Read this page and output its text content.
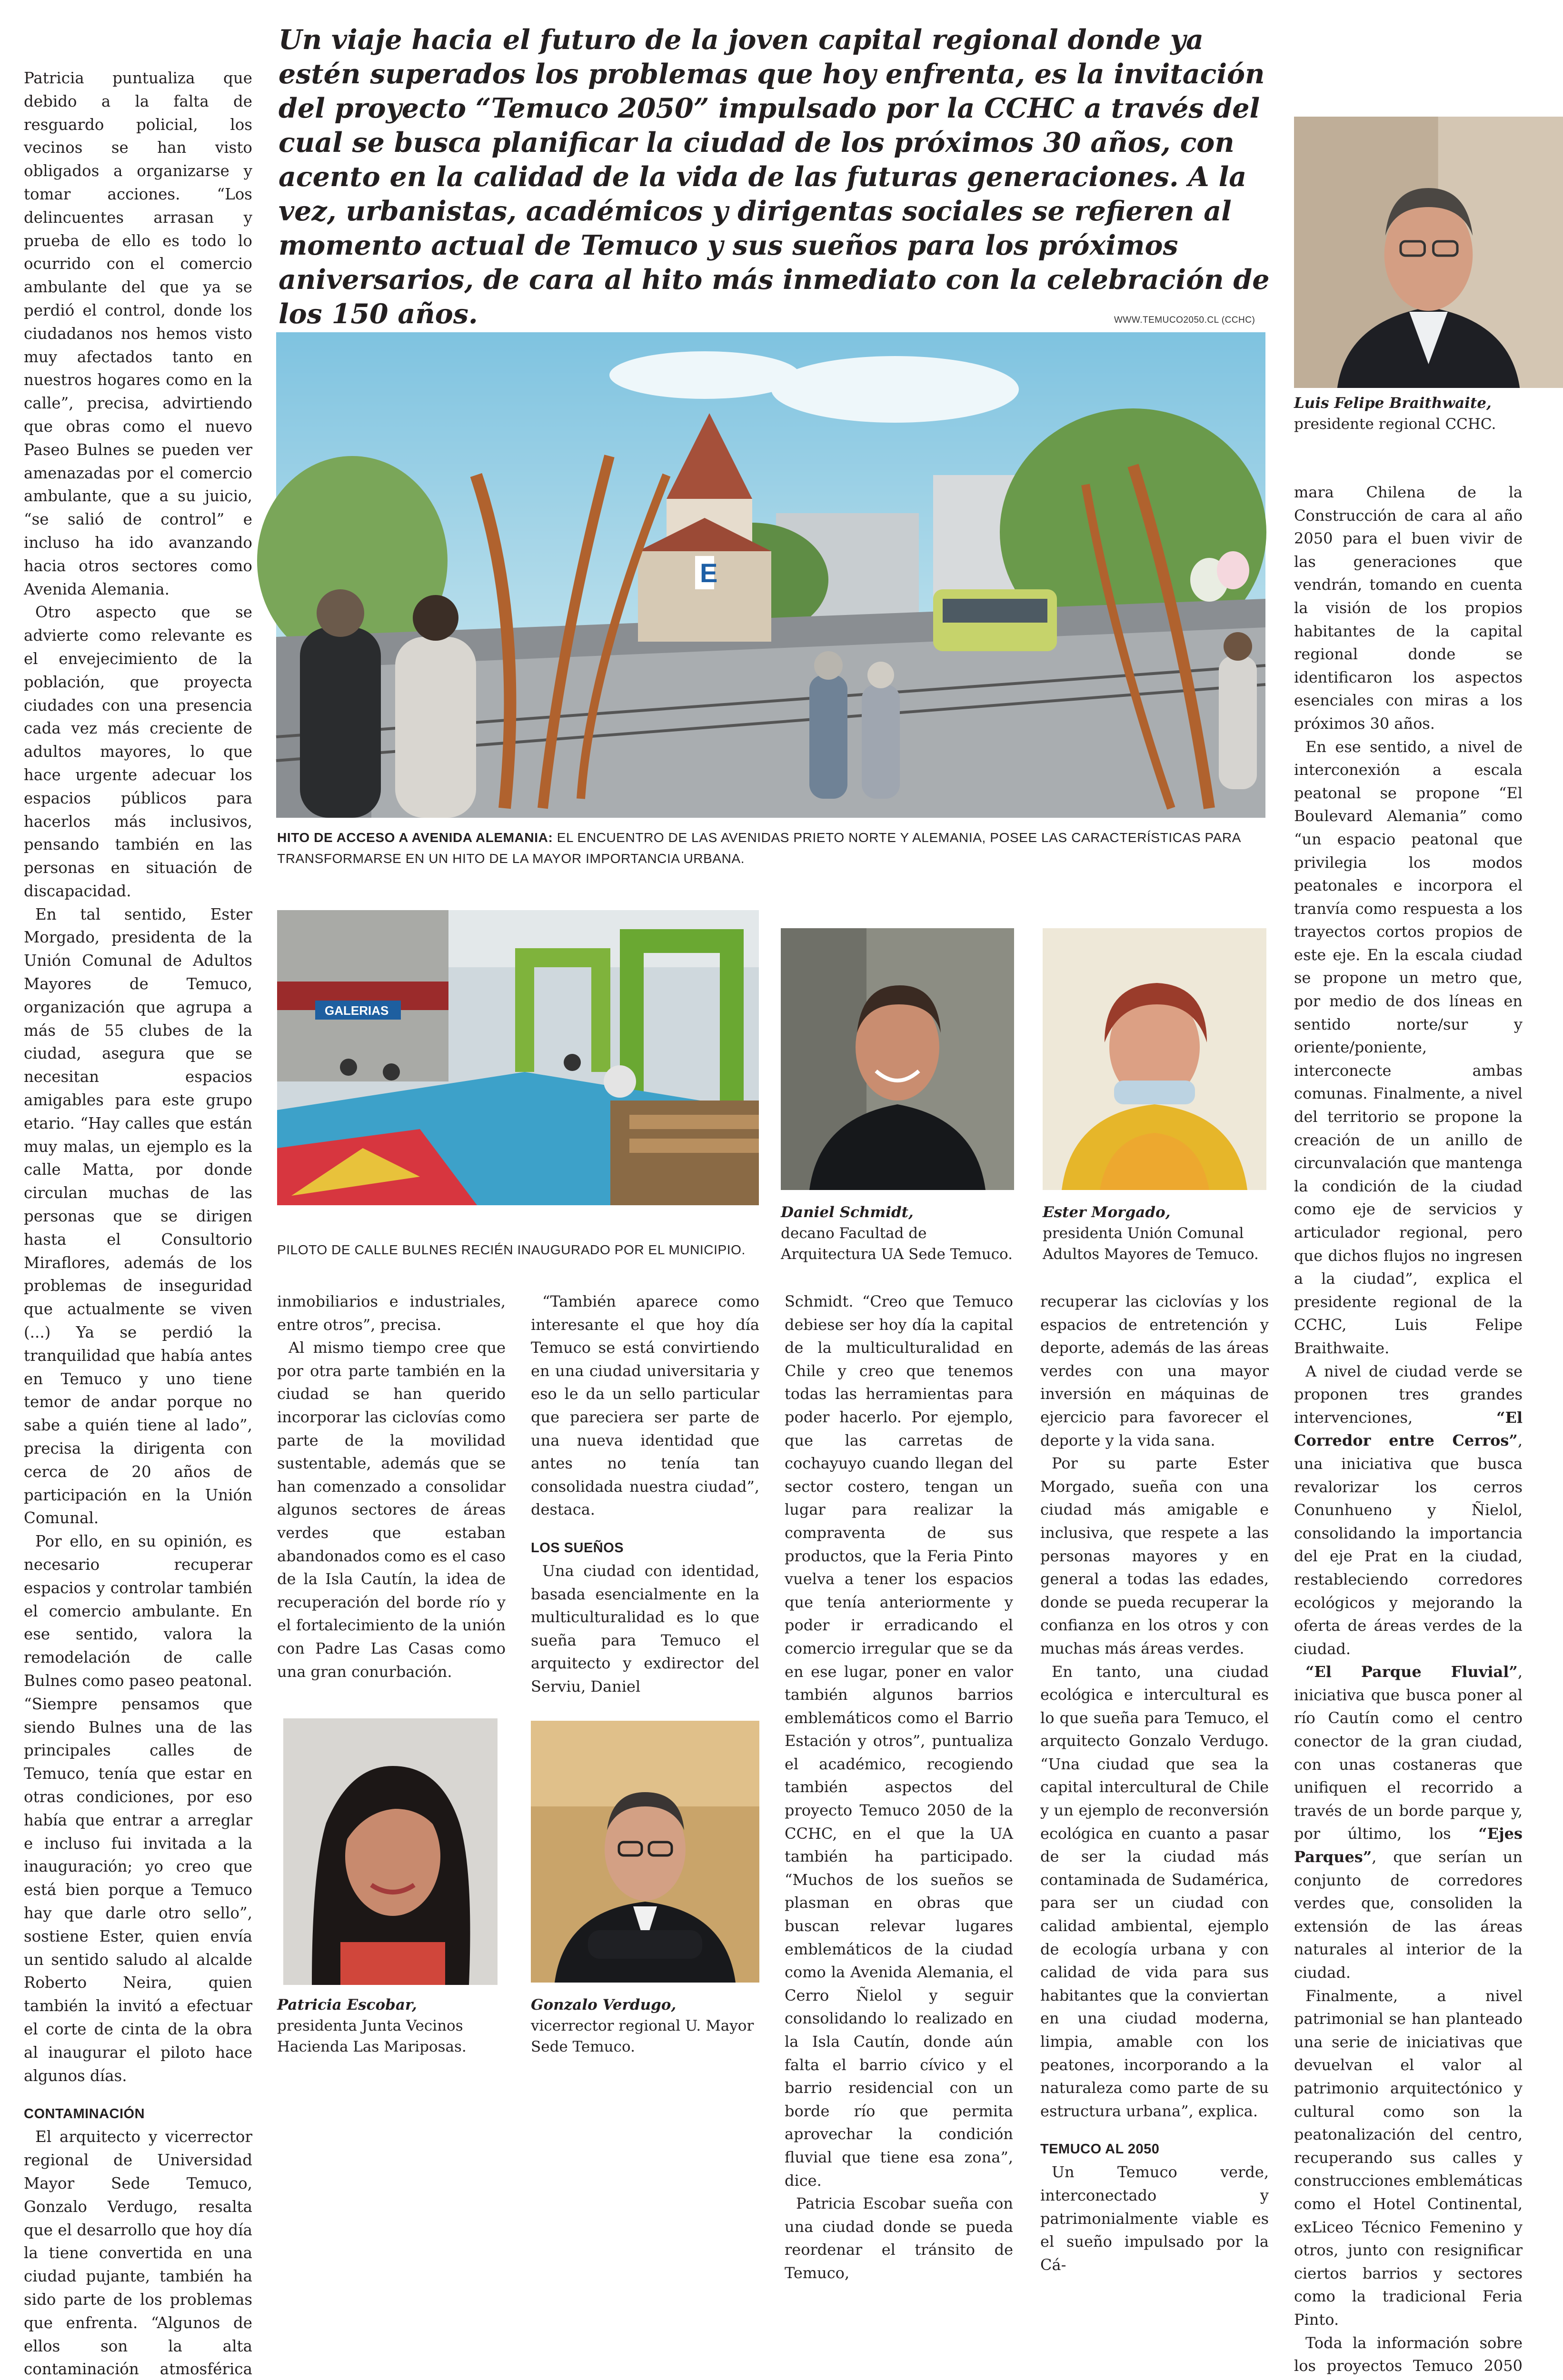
Un viaje hacia el futuro de la joven capital regional donde ya estén superados los problemas que hoy enfrenta, es la invitación del proyecto “Temuco 2050” impulsado por la CCHC a través del cual se busca planificar la ciudad de los próximos 30 años, con acento en la calidad de la vida de las futuras generaciones. A la vez, urbanistas, académicos y dirigentas sociales se refieren al momento actual de Temuco y sus sueños para los próximos aniversarios, de cara al hito más inmediato con la celebración de los 150 años.
Luis Felipe Braithwaite,
presidente regional CCHC.
WWW.TEMUCO2050.CL (CCHC)
E
HITO DE ACCESO A AVENIDA ALEMANIA: EL ENCUENTRO DE LAS AVENIDAS PRIETO NORTE Y ALEMANIA, POSEE LAS CARACTERÍSTICAS PARA TRANSFORMARSE EN UN HITO DE LA MAYOR IMPORTANCIA URBANA.
GALERIAS
PILOTO DE CALLE BULNES RECIÉN INAUGURADO POR EL MUNICIPIO.
Daniel Schmidt,
decano Facultad de Arquitectura UA Sede Temuco.
Ester Morgado,
presidenta Unión Comunal Adultos Mayores de Temuco.
Patricia Escobar,
presidenta Junta Vecinos Hacienda Las Mariposas.
Gonzalo Verdugo,
vicerrector regional U. Mayor Sede Temuco.

Patricia puntualiza que debido a la falta de resguardo policial, los vecinos se han visto obligados a organizarse y tomar acciones. “Los delincuentes arrasan y prueba de ello es todo lo ocurrido con el comercio ambulante del que ya se perdió el control, donde los ciudadanos nos hemos visto muy afectados tanto en nuestros hogares como en la calle”, precisa, advirtiendo que obras como el nuevo Paseo Bulnes se pueden ver amenazadas por el comercio ambulante, que a su juicio, “se salió de control” e incluso ha ido avanzando hacia otros sectores como Avenida Alemania.

Otro aspecto que se advierte como relevante es el envejecimiento de la población, que proyecta ciudades con una presencia cada vez más creciente de adultos mayores, lo que hace urgente adecuar los espacios públicos para hacerlos más inclusivos, pensando también en las personas en situación de discapacidad.

En tal sentido, Ester Morgado, presidenta de la Unión Comunal de Adultos Mayores de Temuco, organización que agrupa a más de 55 clubes de la ciudad, asegura que se necesitan espacios amigables para este grupo etario. “Hay calles que están muy malas, un ejemplo es la calle Matta, por donde circulan muchas de las personas que se dirigen hasta el Consultorio Miraflores, además de los problemas de inseguridad que actualmente se viven (...) Ya se perdió la tranquilidad que había antes en Temuco y uno tiene temor de andar porque no sabe a quién tiene al lado”, precisa la dirigenta con cerca de 20 años de participación en la Unión Comunal.

Por ello, en su opinión, es necesario recuperar espacios y controlar también el comercio ambulante. En ese sentido, valora la remodelación de calle Bulnes como paseo peatonal. “Siempre pensamos que siendo Bulnes una de las principales calles de Temuco, tenía que estar en otras condiciones, por eso había que entrar a arreglar e incluso fui invitada a la inauguración; yo creo que está bien porque a Temuco hay que darle otro sello”, sostiene Ester, quien envía un sentido saludo al alcalde Roberto Neira, quien también la invitó a efectuar el corte de cinta de la obra al inaugurar el piloto hace algunos días.

CONTAMINACIÓN

El arquitecto y vicerrector regional de Universidad Mayor Sede Temuco, Gonzalo Verdugo, resalta que el desarrollo que hoy día la tiene convertida en una ciudad pujante, también ha sido parte de los problemas que enfrenta. “Algunos de ellos son la alta contaminación atmosférica

inmobiliarios e industriales, entre otros”, precisa.

Al mismo tiempo cree que por otra parte también en la ciudad se han querido incorporar las ciclovías como parte de la movilidad sustentable, además que se han comenzado a consolidar algunos sectores de áreas verdes que estaban abandonados como es el caso de la Isla Cautín, la idea de recuperación del borde río y el fortalecimiento de la unión con Padre Las Casas como una gran conurbación.

“También aparece como interesante el que hoy día Temuco se está convirtiendo en una ciudad universitaria y eso le da un sello particular que pareciera ser parte de una nueva identidad que antes no tenía tan consolidada nuestra ciudad”, destaca.

LOS SUEÑOS

Una ciudad con identidad, basada esencialmente en la multiculturalidad es lo que sueña para Temuco el arquitecto y exdirector del Serviu, Daniel

Schmidt. “Creo que Temuco debiese ser hoy día la capital de la multiculturalidad en Chile y creo que tenemos todas las herramientas para poder hacerlo. Por ejemplo, que las carretas de cochayuyo cuando llegan del sector costero, tengan un lugar para realizar la compraventa de sus productos, que la Feria Pinto vuelva a tener los espacios que tenía anteriormente y poder ir erradicando el comercio irregular que se da en ese lugar, poner en valor también algunos barrios emblemáticos como el Barrio Estación y otros”, puntualiza el académico, recogiendo también aspectos del proyecto Temuco 2050 de la CCHC, en el que la UA también ha participado. “Muchos de los sueños se plasman en obras que buscan relevar lugares emblemáticos de la ciudad como la Avenida Alemania, el Cerro Ñielol y seguir consolidando lo realizado en la Isla Cautín, donde aún falta el barrio cívico y el barrio residencial con un borde río que permita aprovechar la condición fluvial que tiene esa zona”, dice.

Patricia Escobar sueña con una ciudad donde se pueda reordenar el tránsito de Temuco,

recuperar las ciclovías y los espacios de entretención y deporte, además de las áreas verdes con una mayor inversión en máquinas de ejercicio para favorecer el deporte y la vida sana.

Por su parte Ester Morgado, sueña con una ciudad más amigable e inclusiva, que respete a las personas mayores y en general a todas las edades, donde se pueda recuperar la confianza en los otros y con muchas más áreas verdes.

En tanto, una ciudad ecológica e intercultural es lo que sueña para Temuco, el arquitecto Gonzalo Verdugo. “Una ciudad que sea la capital intercultural de Chile y un ejemplo de reconversión ecológica en cuanto a pasar de ser la ciudad más contaminada de Sudamérica, para ser un ciudad con calidad ambiental, ejemplo de ecología urbana y con calidad de vida para sus habitantes que la conviertan en una ciudad moderna, limpia, amable con los peatones, incorporando a la naturaleza como parte de su estructura urbana”, explica.

TEMUCO AL 2050

Un Temuco verde, interconectado y patrimonialmente viable es el sueño impulsado por la Cá-

mara Chilena de la Construcción de cara al año 2050 para el buen vivir de las generaciones que vendrán, tomando en cuenta la visión de los propios habitantes de la capital regional donde se identificaron los aspectos esenciales con miras a los próximos 30 años.

En ese sentido, a nivel de interconexión a escala peatonal se propone “El Boulevard Alemania” como “un espacio peatonal que privilegia los modos peatonales e incorpora el tranvía como respuesta a los trayectos cortos propios de este eje. En la escala ciudad se propone un metro que, por medio de dos líneas en sentido norte/sur y oriente/poniente, interconecte ambas comunas. Finalmente, a nivel del territorio se propone la creación de un anillo de circunvalación que mantenga la condición de la ciudad como eje de servicios y articulador regional, pero que dichos flujos no ingresen a la ciudad”, explica el presidente regional de la CCHC, Luis Felipe Braithwaite.

A nivel de ciudad verde se proponen tres grandes intervenciones,	“El Corredor entre Cerros”, una iniciativa que busca revalorizar los cerros Conunhueno y Ñielol, consolidando la importancia del eje Prat en la ciudad, restableciendo corredores ecológicos y mejorando la oferta de áreas verdes de la ciudad.

“El Parque Fluvial”, iniciativa que busca poner al río Cautín como el centro conector de la gran ciudad, con unas costaneras que unifiquen el recorrido a través de un borde parque y, por último, los “Ejes Parques”, que serían un conjunto de corredores verdes que, consoliden la extensión de las áreas naturales al interior de la ciudad.

Finalmente, a nivel patrimonial se han planteado una serie de iniciativas que devuelvan el valor al patrimonio arquitectónico y cultural como son la peatonalización del centro, recuperando sus calles y construcciones emblemáticas como el Hotel Continental, exLiceo Técnico Femenino y otros, junto con resignificar ciertos barrios y sectores como la tradicional Feria Pinto.

Toda la información sobre los proyectos Temuco 2050
